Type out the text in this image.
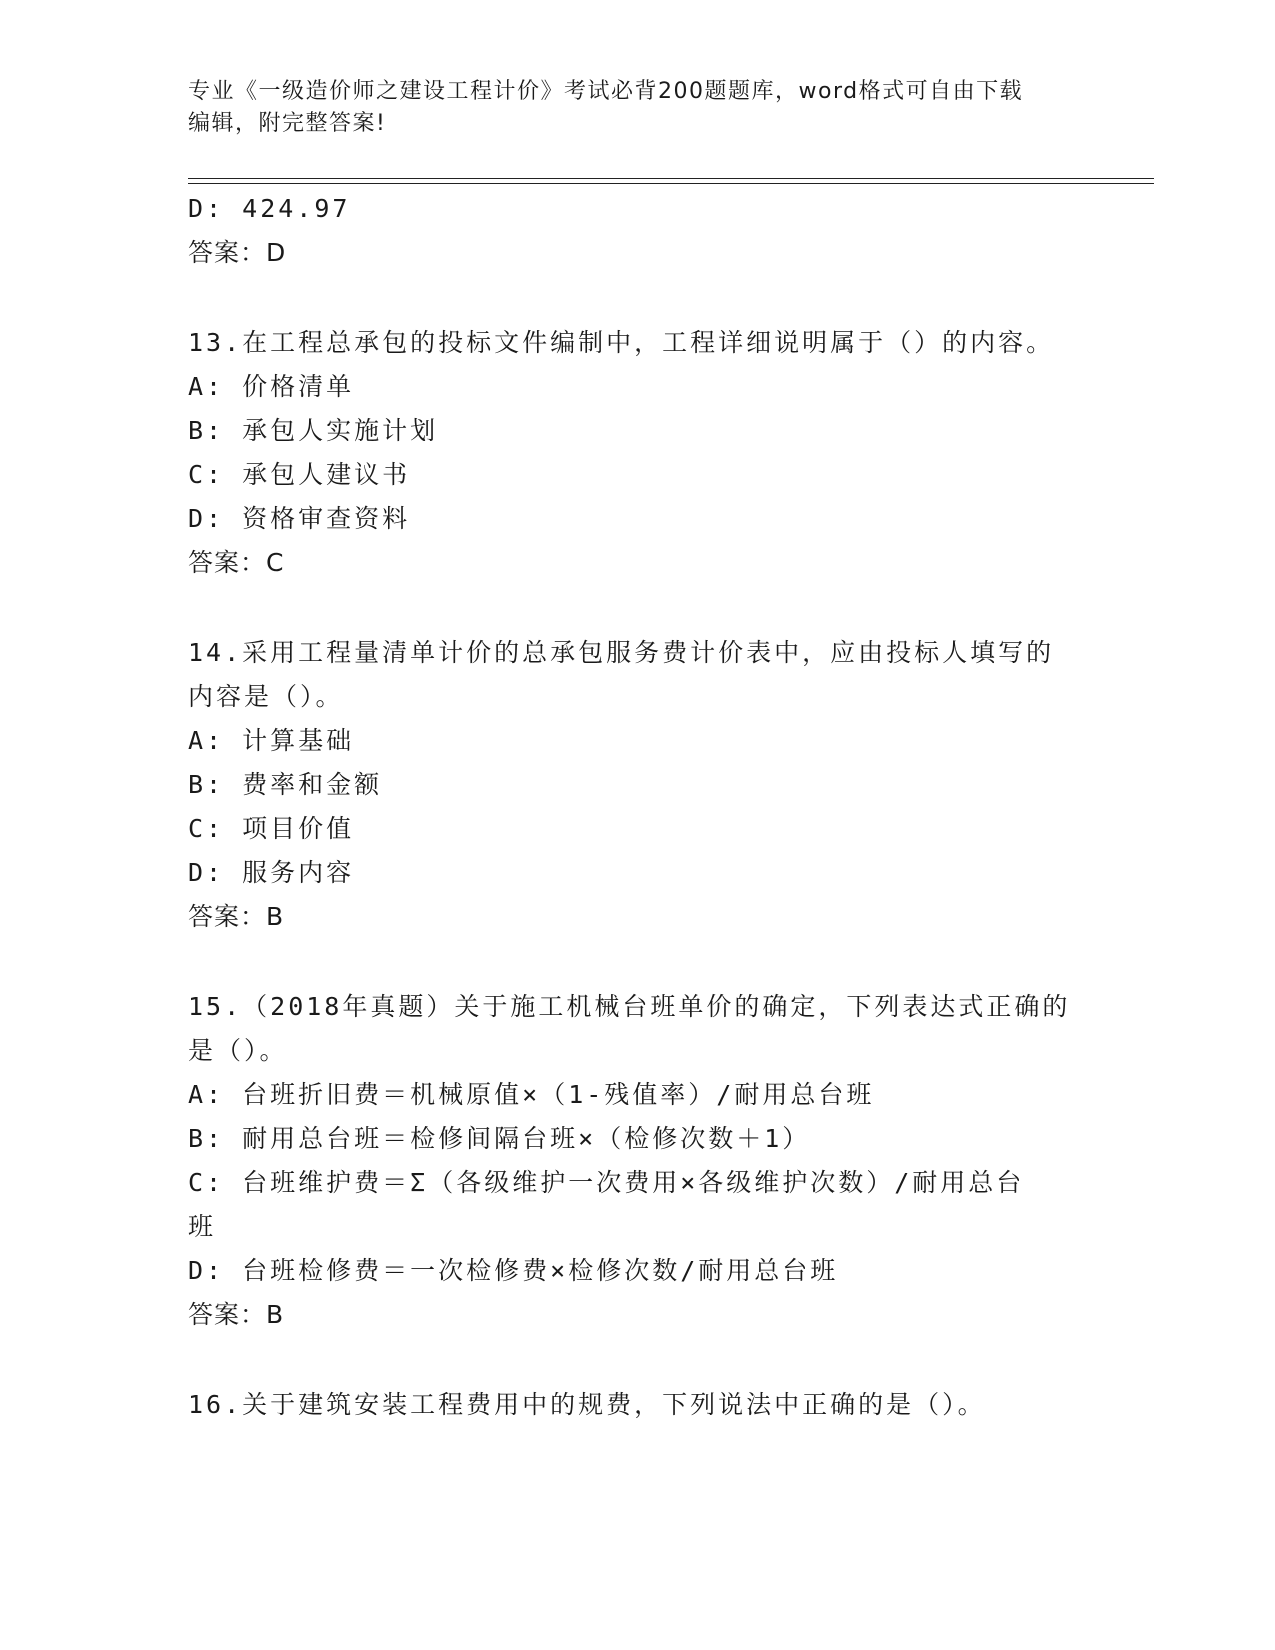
专业《一级造价师之建设工程计价》考试必背200题题库，word格式可自由下载
编辑，附完整答案!
D: 424.97
答案：D
13.在工程总承包的投标文件编制中，工程详细说明属于（）的内容。
A: 价格清单
B: 承包人实施计划
C: 承包人建议书
D: 资格审查资料
答案：C
14.采用工程量清单计价的总承包服务费计价表中，应由投标人填写的
内容是（）。
A: 计算基础
B: 费率和金额
C: 项目价值
D: 服务内容
答案：B
15.（2018年真题）关于施工机械台班单价的确定，下列表达式正确的
是（）。
A: 台班折旧费＝机械原值×（1-残值率）/耐用总台班
B: 耐用总台班＝检修间隔台班×（检修次数＋1）
C: 台班维护费＝Σ（各级维护一次费用×各级维护次数）/耐用总台
班
D: 台班检修费＝一次检修费×检修次数/耐用总台班
答案：B
16.关于建筑安装工程费用中的规费，下列说法中正确的是（）。
